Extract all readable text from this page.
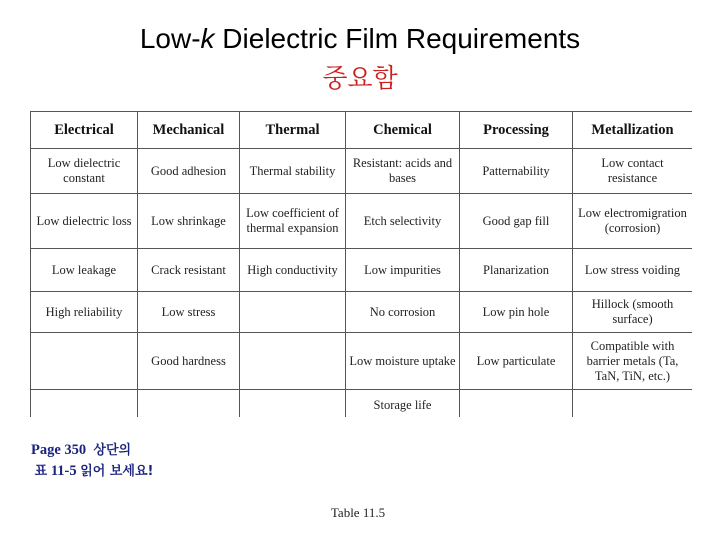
Low-k Dielectric Film Requirements
중요함
Electrical	Mechanical	Thermal	Chemical	Processing	Metallization
Low dielectric constant	Good adhesion	Thermal stability	Resistant: acids and bases	Patternability	Low contact resistance
Low dielectric loss	Low shrinkage	Low coefficient of thermal expansion	Etch selectivity	Good gap fill	Low electromigration (corrosion)
Low leakage	Crack resistant	High conductivity	Low impurities	Planarization	Low stress voiding
High reliability	Low stress		No corrosion	Low pin hole	Hillock (smooth surface)
	Good hardness		Low moisture uptake	Low particulate	Compatible with barrier metals (Ta, TaN, TiN, etc.)
			Storage life		
Page 350 상단의
표 11-5 읽어 보세요!
Table 11.5
